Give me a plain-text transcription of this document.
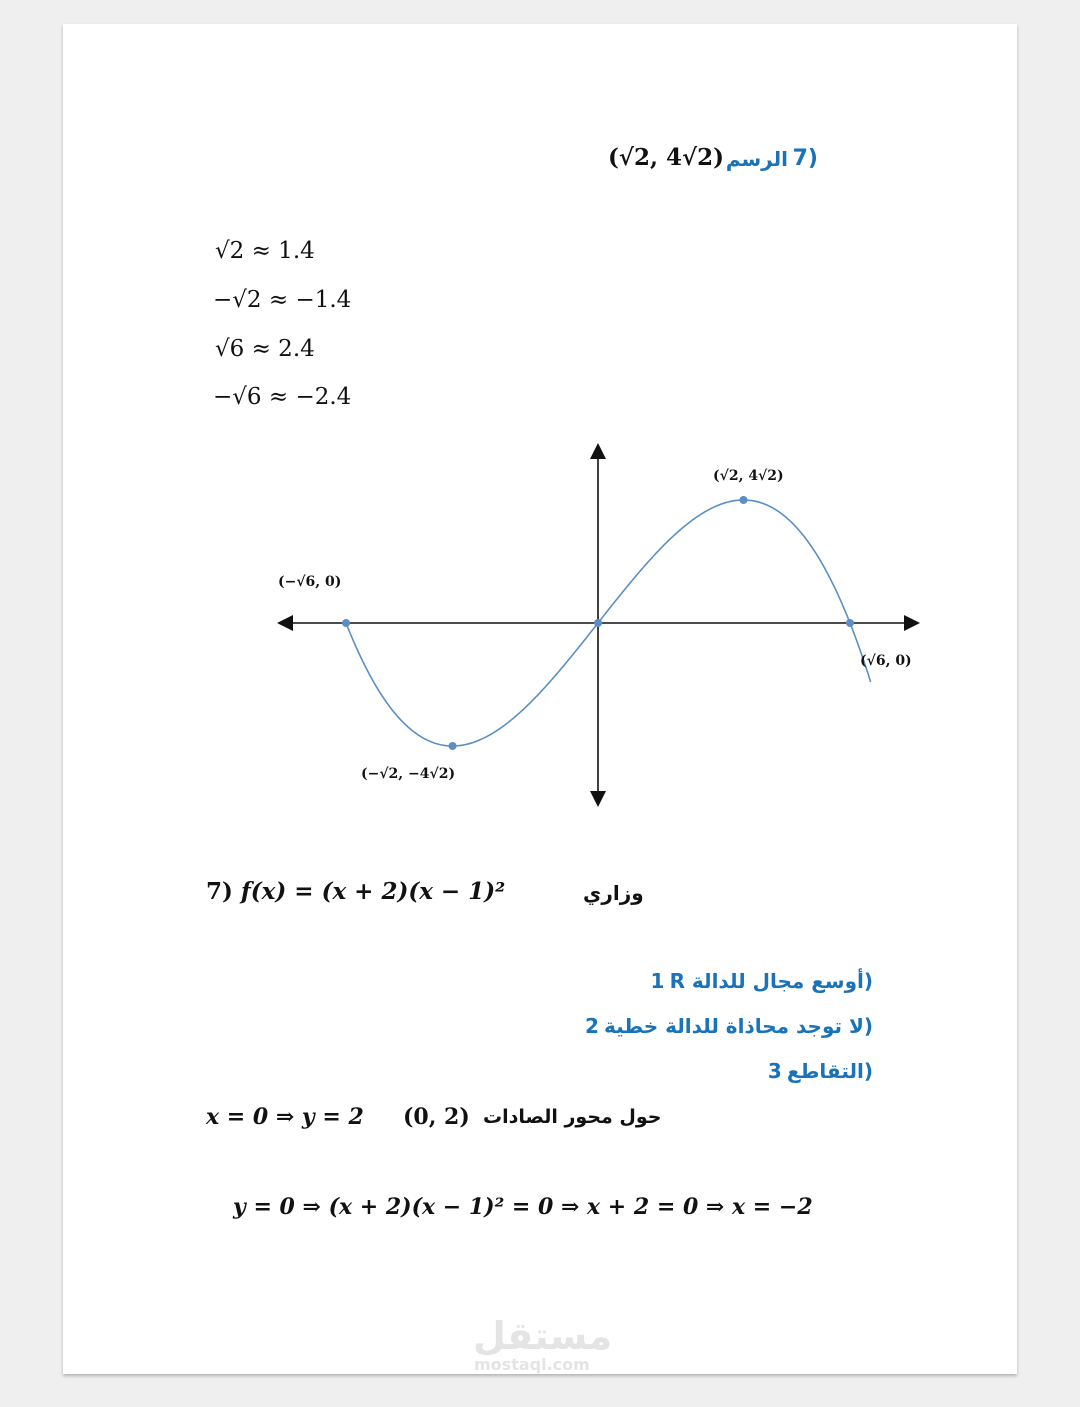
7)
الرسم
(√2, 4√2)
√2 ≈ 1.4
−√2 ≈ −1.4
√6 ≈ 2.4
−√6 ≈ −2.4
(√2, 4√2)
(−√6, 0)
(√6, 0)
(−√2, −4√2)
7) f(x) = (x + 2)(x − 1)²	وزاري
أوسع مجال للدالة R 1)
لا توجد محاذاة للدالة خطية 2)
التقاطع 3)
x = 0 ⇒ y = 2 (0, 2) حول محور الصادات
y = 0 ⇒ (x + 2)(x − 1)² = 0 ⇒ x + 2 = 0 ⇒ x = −2
مستقل
mostaql.com
